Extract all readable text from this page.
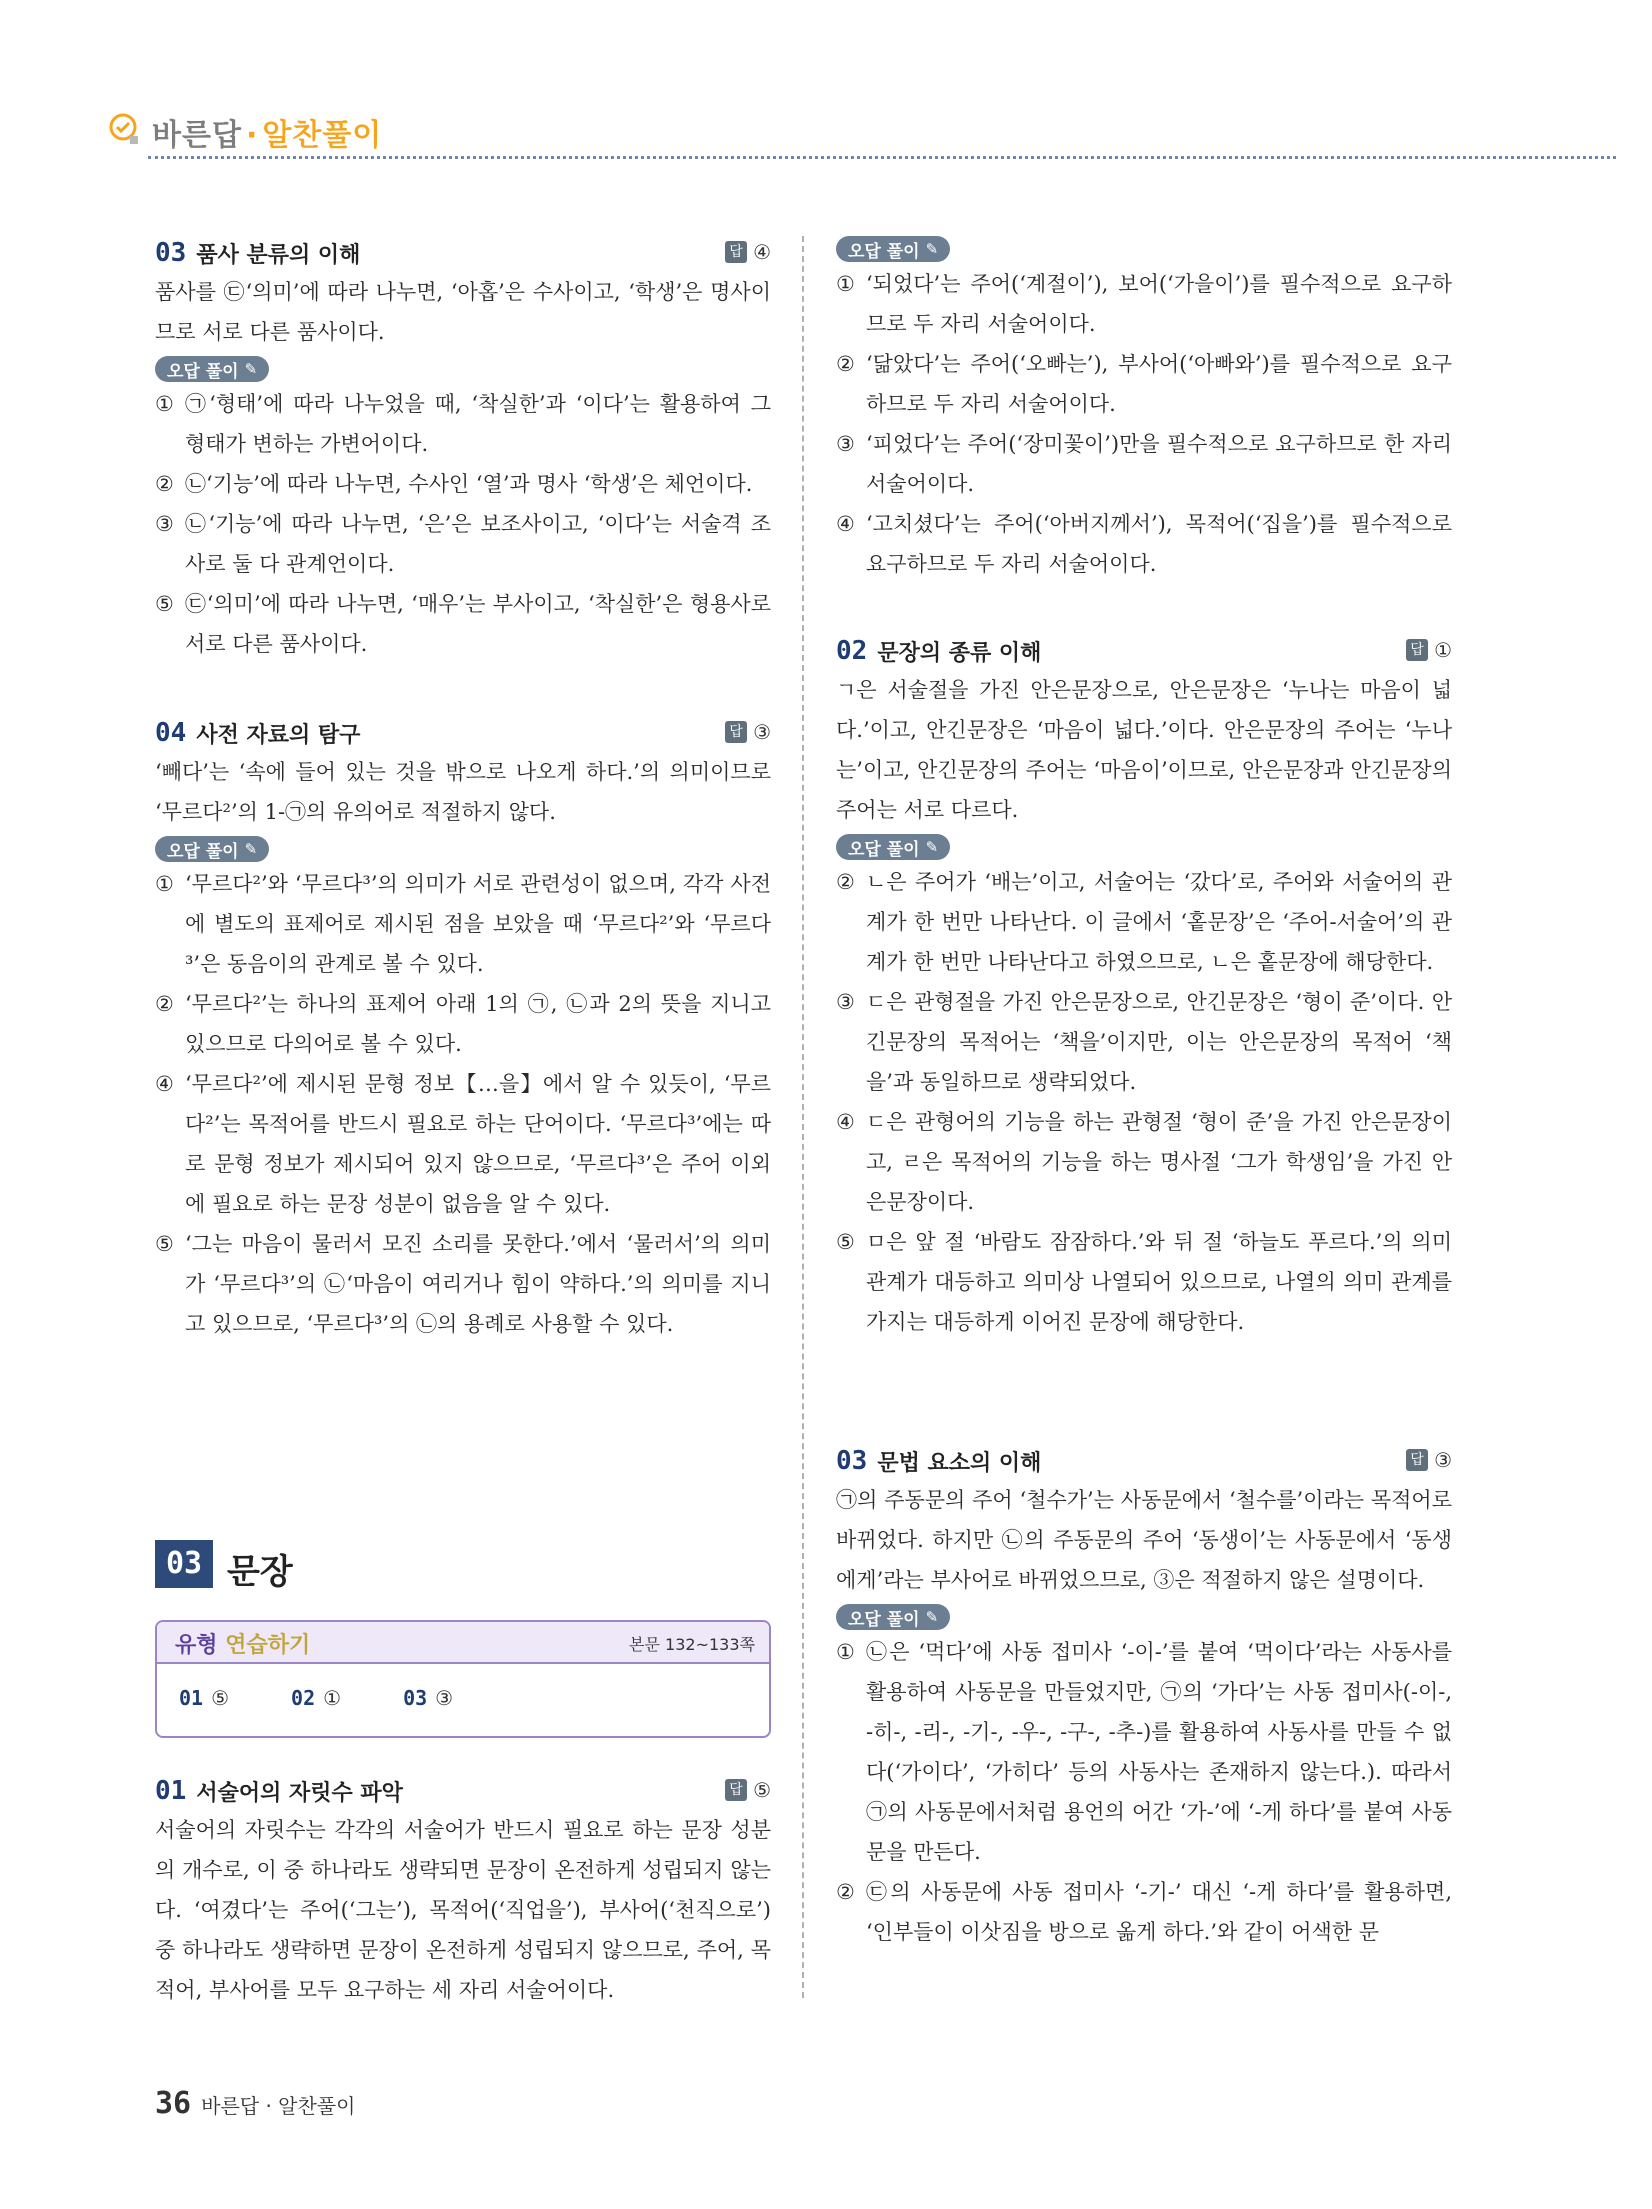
바른답 · 알찬풀이
03 품사 분류의 이해	답 ④
품사를 ㉢‘의미’에 따라 나누면, ‘아홉’은 수사이고, ‘학생’은 명사이므로 서로 다른 품사이다.
오답 풀이 ✎
① ㉠‘형태’에 따라 나누었을 때, ‘착실한’과 ‘이다’는 활용하여 그 형태가 변하는 가변어이다.
② ㉡‘기능’에 따라 나누면, 수사인 ‘열’과 명사 ‘학생’은 체언이다.
③ ㉡‘기능’에 따라 나누면, ‘은’은 보조사이고, ‘이다’는 서술격 조사로 둘 다 관계언이다.
⑤ ㉢‘의미’에 따라 나누면, ‘매우’는 부사이고, ‘착실한’은 형용사로 서로 다른 품사이다.
04 사전 자료의 탐구	답 ③
‘빼다’는 ‘속에 들어 있는 것을 밖으로 나오게 하다.’의 의미이므로 ‘무르다²’의 1-㉠의 유의어로 적절하지 않다.
오답 풀이 ✎
① ‘무르다²’와 ‘무르다³’의 의미가 서로 관련성이 없으며, 각각 사전에 별도의 표제어로 제시된 점을 보았을 때 ‘무르다²’와 ‘무르다³’은 동음이의 관계로 볼 수 있다.
② ‘무르다²’는 하나의 표제어 아래 1의 ㉠, ㉡과 2의 뜻을 지니고 있으므로 다의어로 볼 수 있다.
④ ‘무르다²’에 제시된 문형 정보【…을】에서 알 수 있듯이, ‘무르다²’는 목적어를 반드시 필요로 하는 단어이다. ‘무르다³’에는 따로 문형 정보가 제시되어 있지 않으므로, ‘무르다³’은 주어 이외에 필요로 하는 문장 성분이 없음을 알 수 있다.
⑤ ‘그는 마음이 물러서 모진 소리를 못한다.’에서 ‘물러서’의 의미가 ‘무르다³’의 ㉡‘마음이 여리거나 힘이 약하다.’의 의미를 지니고 있으므로, ‘무르다³’의 ㉡의 용례로 사용할 수 있다.
03 문장
유형 연습하기	본문 132~133쪽
01 ⑤	02 ①	03 ③
01 서술어의 자릿수 파악	답 ⑤
서술어의 자릿수는 각각의 서술어가 반드시 필요로 하는 문장 성분의 개수로, 이 중 하나라도 생략되면 문장이 온전하게 성립되지 않는다. ‘여겼다’는 주어(‘그는’), 목적어(‘직업을’), 부사어(‘천직으로’) 중 하나라도 생략하면 문장이 온전하게 성립되지 않으므로, 주어, 목적어, 부사어를 모두 요구하는 세 자리 서술어이다.
오답 풀이 ✎
① ‘되었다’는 주어(‘계절이’), 보어(‘가을이’)를 필수적으로 요구하므로 두 자리 서술어이다.
② ‘닮았다’는 주어(‘오빠는’), 부사어(‘아빠와’)를 필수적으로 요구하므로 두 자리 서술어이다.
③ ‘피었다’는 주어(‘장미꽃이’)만을 필수적으로 요구하므로 한 자리 서술어이다.
④ ‘고치셨다’는 주어(‘아버지께서’), 목적어(‘집을’)를 필수적으로 요구하므로 두 자리 서술어이다.
02 문장의 종류 이해	답 ①
ㄱ은 서술절을 가진 안은문장으로, 안은문장은 ‘누나는 마음이 넓다.’이고, 안긴문장은 ‘마음이 넓다.’이다. 안은문장의 주어는 ‘누나는’이고, 안긴문장의 주어는 ‘마음이’이므로, 안은문장과 안긴문장의 주어는 서로 다르다.
오답 풀이 ✎
② ㄴ은 주어가 ‘배는’이고, 서술어는 ‘갔다’로, 주어와 서술어의 관계가 한 번만 나타난다. 이 글에서 ‘홑문장’은 ‘주어-서술어’의 관계가 한 번만 나타난다고 하였으므로, ㄴ은 홑문장에 해당한다.
③ ㄷ은 관형절을 가진 안은문장으로, 안긴문장은 ‘형이 준’이다. 안긴문장의 목적어는 ‘책을’이지만, 이는 안은문장의 목적어 ‘책을’과 동일하므로 생략되었다.
④ ㄷ은 관형어의 기능을 하는 관형절 ‘형이 준’을 가진 안은문장이고, ㄹ은 목적어의 기능을 하는 명사절 ‘그가 학생임’을 가진 안은문장이다.
⑤ ㅁ은 앞 절 ‘바람도 잠잠하다.’와 뒤 절 ‘하늘도 푸르다.’의 의미 관계가 대등하고 의미상 나열되어 있으므로, 나열의 의미 관계를 가지는 대등하게 이어진 문장에 해당한다.
03 문법 요소의 이해	답 ③
㉠의 주동문의 주어 ‘철수가’는 사동문에서 ‘철수를’이라는 목적어로 바뀌었다. 하지만 ㉡의 주동문의 주어 ‘동생이’는 사동문에서 ‘동생에게’라는 부사어로 바뀌었으므로, ③은 적절하지 않은 설명이다.
오답 풀이 ✎
① ㉡은 ‘먹다’에 사동 접미사 ‘-이-’를 붙여 ‘먹이다’라는 사동사를 활용하여 사동문을 만들었지만, ㉠의 ‘가다’는 사동 접미사(-이-, -히-, -리-, -기-, -우-, -구-, -추-)를 활용하여 사동사를 만들 수 없다(‘가이다’, ‘가히다’ 등의 사동사는 존재하지 않는다.). 따라서 ㉠의 사동문에서처럼 용언의 어간 ‘가-’에 ‘-게 하다’를 붙여 사동문을 만든다.
② ㉢의 사동문에 사동 접미사 ‘-기-’ 대신 ‘-게 하다’를 활용하면, ‘인부들이 이삿짐을 방으로 옮게 하다.’와 같이 어색한 문
36 바른답 · 알찬풀이
